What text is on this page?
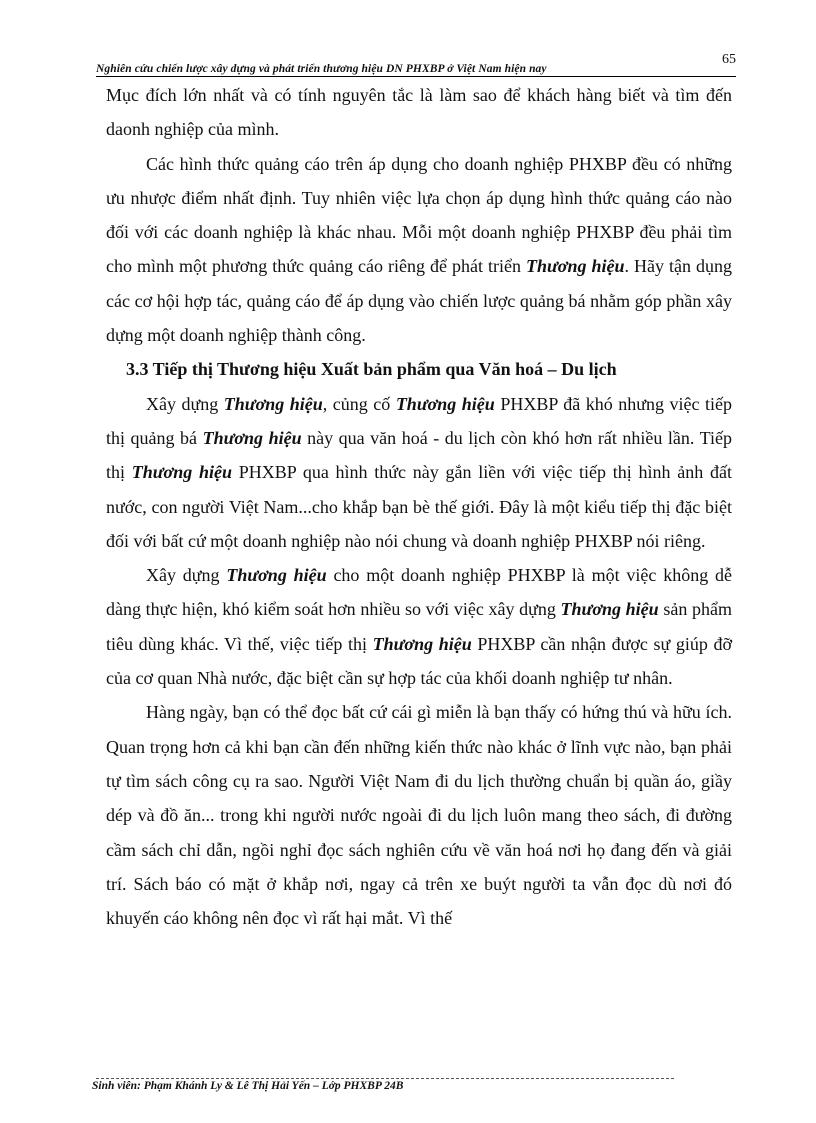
Nghiên cứu chiến lược xây dựng và phát triển thương hiệu DN PHXBP ở Việt Nam hiện nay
65

Mục đích lớn nhất và có tính nguyên tắc là làm sao để khách hàng biết và tìm đến daonh nghiệp của mình.

Các hình thức quảng cáo trên áp dụng cho doanh nghiệp PHXBP đều có những ưu nhược điểm nhất định. Tuy nhiên việc lựa chọn áp dụng hình thức quảng cáo nào đối với các doanh nghiệp là khác nhau. Mỗi một doanh nghiệp PHXBP đều phải tìm cho mình một phương thức quảng cáo riêng để phát triển Thương hiệu. Hãy tận dụng các cơ hội hợp tác, quảng cáo để áp dụng vào chiến lược quảng bá nhằm góp phần xây dựng một doanh nghiệp thành công.

3.3 Tiếp thị Thương hiệu Xuất bản phẩm qua Văn hoá – Du lịch

Xây dựng Thương hiệu, củng cố Thương hiệu PHXBP đã khó nhưng việc tiếp thị quảng bá Thương hiệu này qua văn hoá - du lịch còn khó hơn rất nhiều lần. Tiếp thị Thương hiệu PHXBP qua hình thức này gắn liền với việc tiếp thị hình ảnh đất nước, con người Việt Nam...cho khắp bạn bè thế giới. Đây là một kiểu tiếp thị đặc biệt đối với bất cứ một doanh nghiệp nào nói chung và doanh nghiệp PHXBP nói riêng.

Xây dựng Thương hiệu cho một doanh nghiệp PHXBP là một việc không dễ dàng thực hiện, khó kiểm soát hơn nhiều so với việc xây dựng Thương hiệu sản phẩm tiêu dùng khác. Vì thế, việc tiếp thị Thương hiệu PHXBP cần nhận được sự giúp đỡ của cơ quan Nhà nước, đặc biệt cần sự hợp tác của khối doanh nghiệp tư nhân.

Hàng ngày, bạn có thể đọc bất cứ cái gì miễn là bạn thấy có hứng thú và hữu ích. Quan trọng hơn cả khi bạn cần đến những kiến thức nào khác ở lĩnh vực nào, bạn phải tự tìm sách công cụ ra sao. Người Việt Nam đi du lịch thường chuẩn bị quần áo, giầy dép và đồ ăn... trong khi người nước ngoài đi du lịch luôn mang theo sách, đi đường cầm sách chỉ dẫn, ngồi nghỉ đọc sách nghiên cứu về văn hoá nơi họ đang đến và giải trí. Sách báo có mặt ở khắp nơi, ngay cả trên xe buýt người ta vẫn đọc dù nơi đó khuyến cáo không nên đọc vì rất hại mắt. Vì thế

Sinh viên: Phạm Khánh Ly & Lê Thị Hải Yến – Lớp PHXBP 24B
